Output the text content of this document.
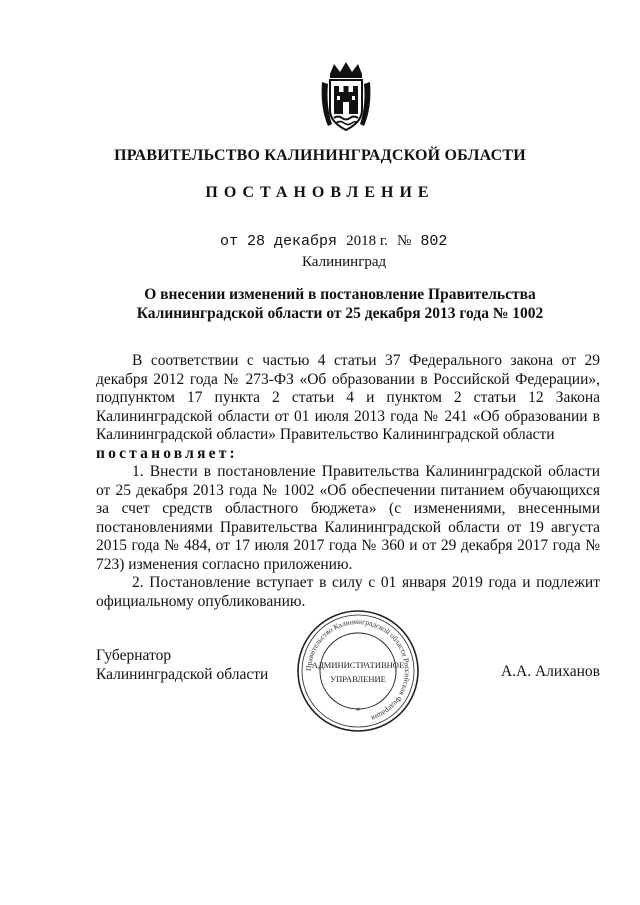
ПРАВИТЕЛЬСТВО КАЛИНИНГРАДСКОЙ ОБЛАСТИ
ПОСТАНОВЛЕНИЕ
от 28 декабря 2018 г. № 802
Калининград
О внесении изменений в постановление Правительства
Калининградской области от 25 декабря 2013 года № 1002

В соответствии с частью 4 статьи 37 Федерального закона от 29 декабря 2012 года № 273-ФЗ «Об образовании в Российской Федерации», подпунктом 17 пункта 2 статьи 4 и пунктом 2 статьи 12 Закона Калининградской области от 01 июля 2013 года № 241 «Об образовании в Калининградской области» Правительство Калининградской области

постановляет:

1. Внести в постановление Правительства Калининградской области от 25 декабря 2013 года № 1002 «Об обеспечении питанием обучающихся за счет средств областного бюджета» (с изменениями, внесенными постановлениями Правительства Калининградской области от 19 августа 2015 года № 484, от 17 июля 2017 года № 360 и от 29 декабря 2017 года № 723) изменения согласно приложению.

2. Постановление вступает в силу с 01 января 2019 года и подлежит официальному опубликованию.

Губернатор
Калининградской области	Правительство Калининградской области Российская Федерация
АДМИНИСТРАТИВНОЕ
УПРАВЛЕНИЕ
*
А.А. Алиханов
